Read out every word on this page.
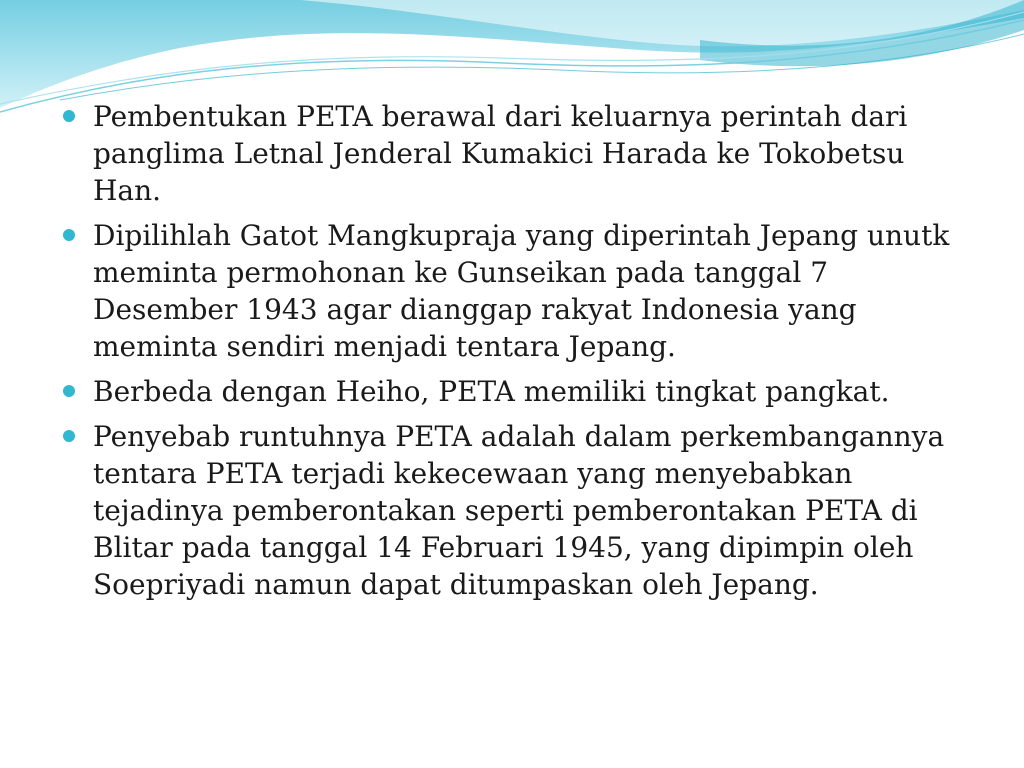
Pembentukan PETA berawal dari keluarnya perintah dari panglima Letnal Jenderal Kumakici Harada ke Tokobetsu Han.
Dipilihlah Gatot Mangkupraja yang diperintah Jepang unutk meminta permohonan ke Gunseikan pada tanggal 7 Desember 1943 agar dianggap rakyat Indonesia yang meminta sendiri menjadi tentara Jepang.
Berbeda dengan Heiho, PETA memiliki tingkat pangkat.
Penyebab runtuhnya PETA adalah dalam perkembangannya tentara PETA terjadi kekecewaan yang menyebabkan tejadinya pemberontakan seperti pemberontakan PETA di Blitar pada tanggal 14 Februari 1945, yang dipimpin oleh Soepriyadi namun dapat ditumpaskan oleh Jepang.
